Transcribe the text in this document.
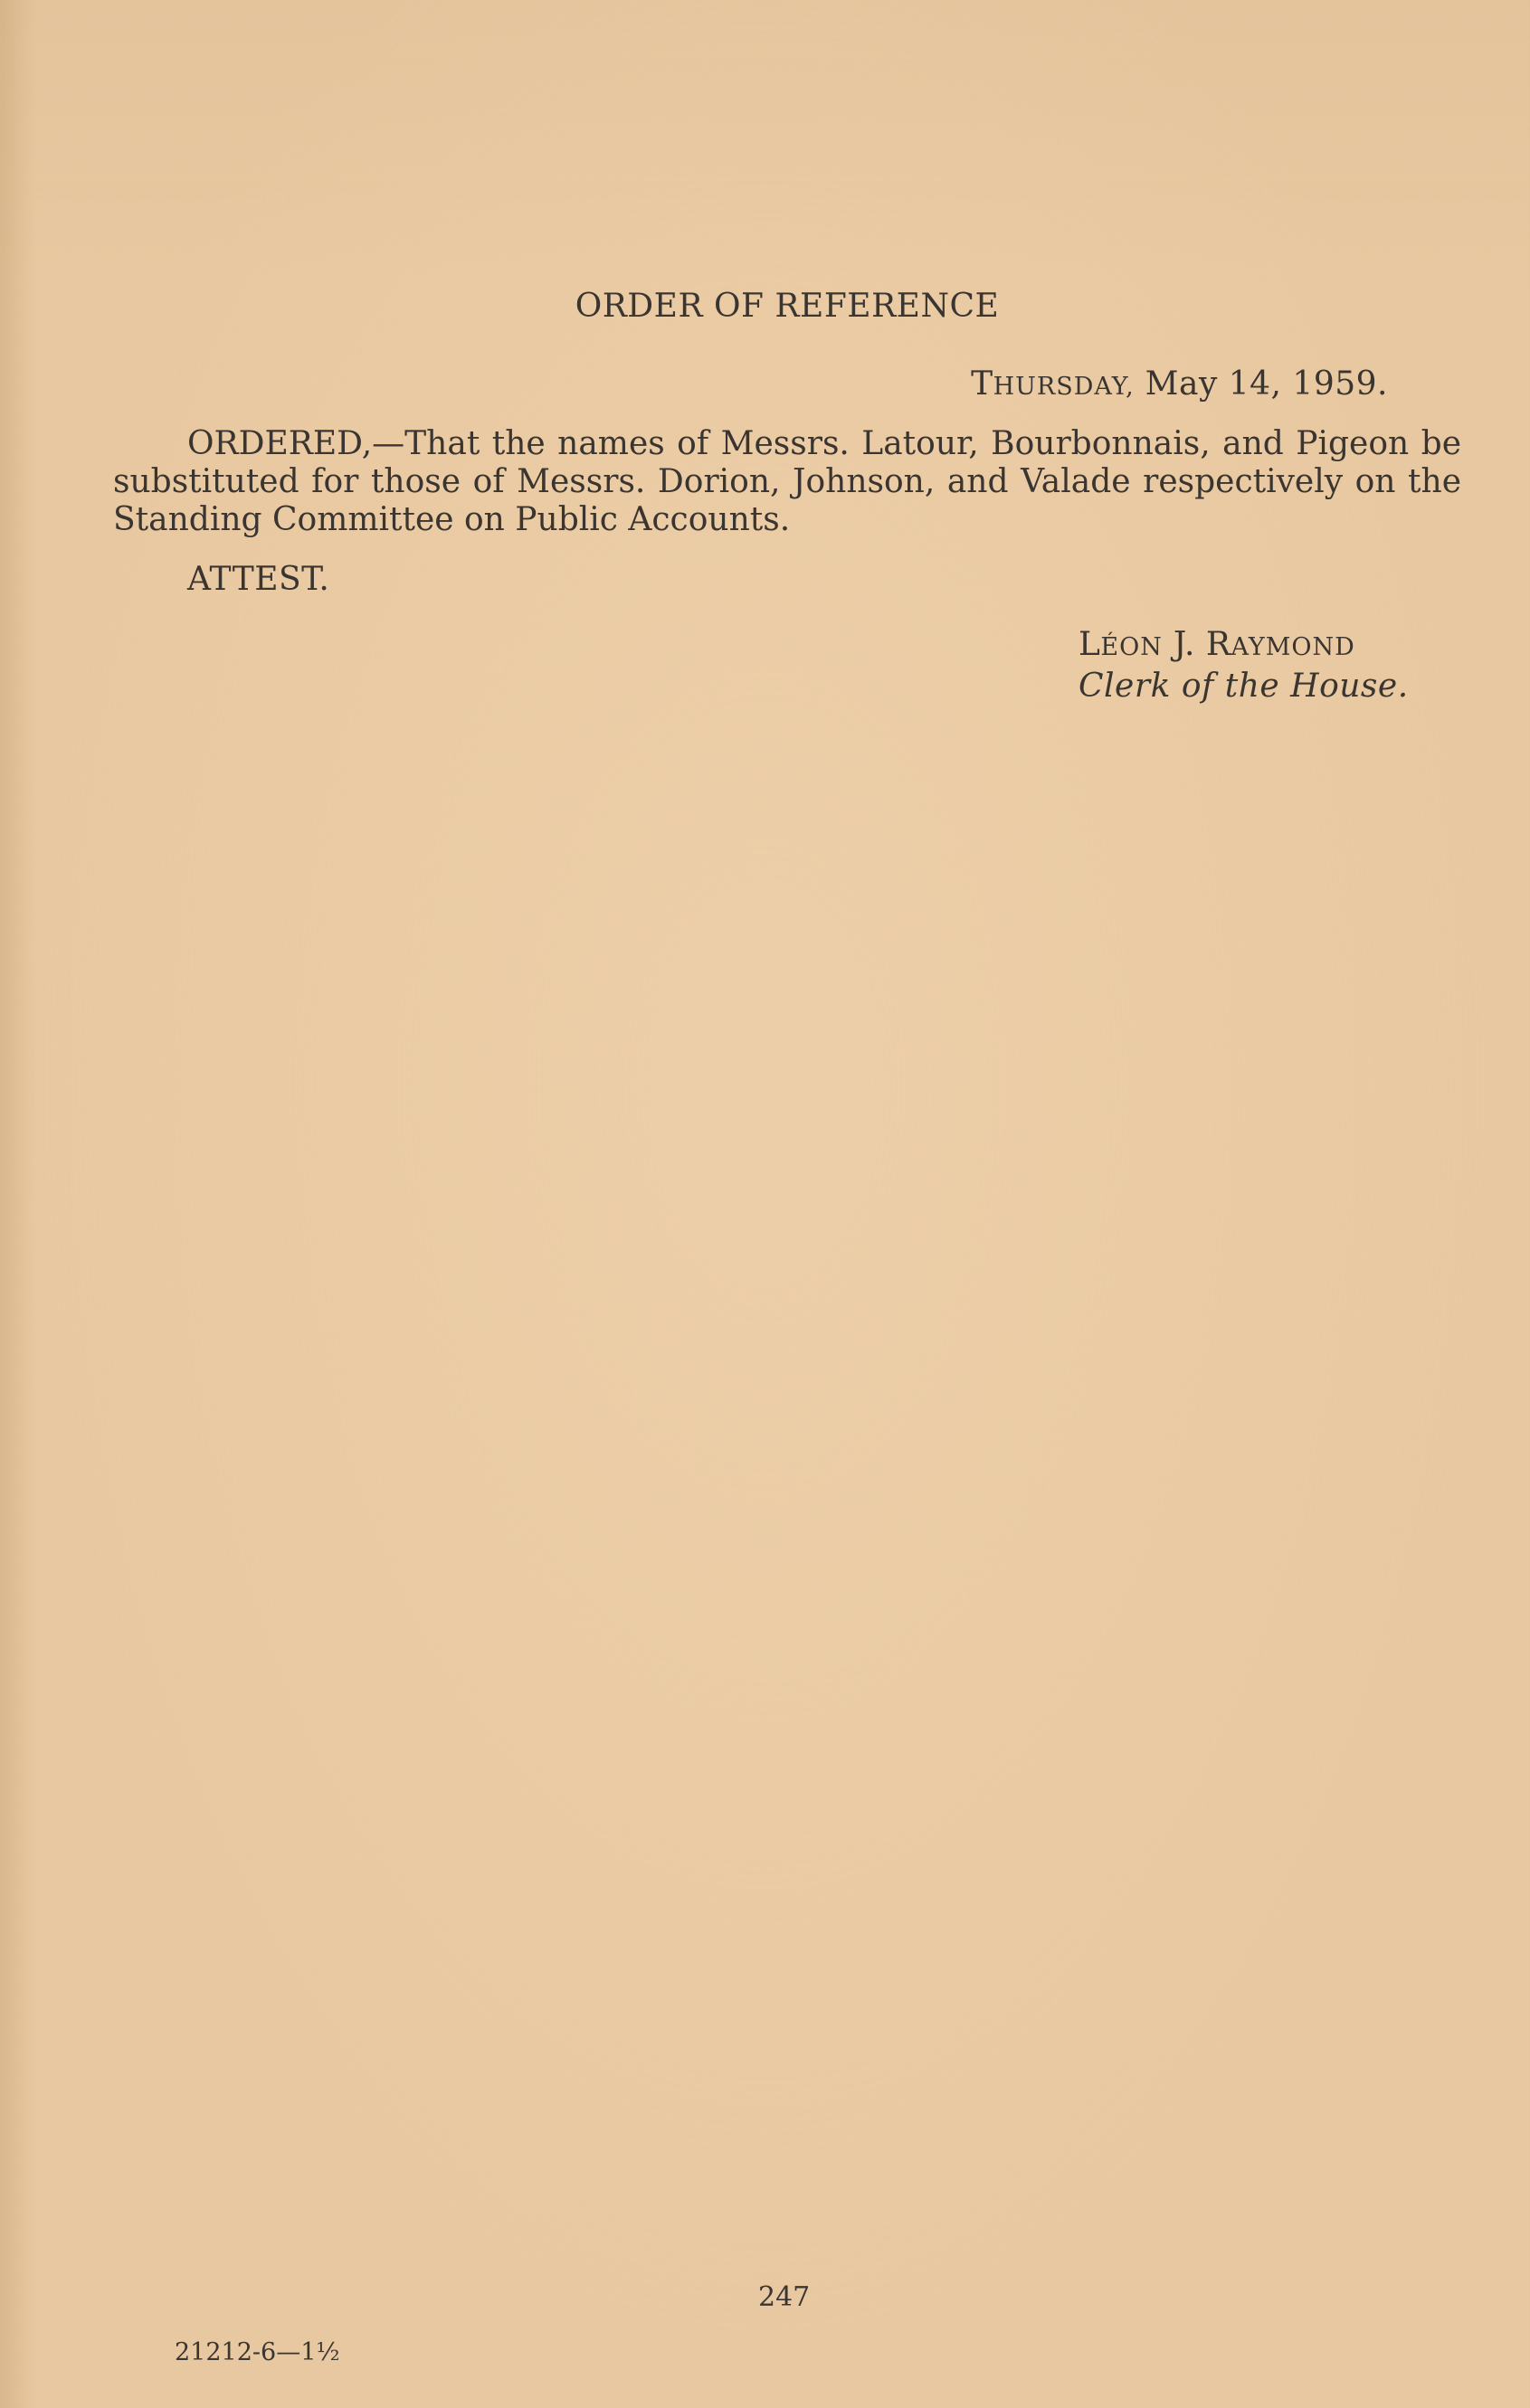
ORDER OF REFERENCE
THURSDAY, May 14, 1959.
ORDERED,—That the names of Messrs. Latour, Bourbonnais, and Pigeon be substituted for those of Messrs. Dorion, Johnson, and Valade respectively on the Standing Committee on Public Accounts.
ATTEST.
LÉON J. RAYMOND
Clerk of the House.
247
21212-6—1½
